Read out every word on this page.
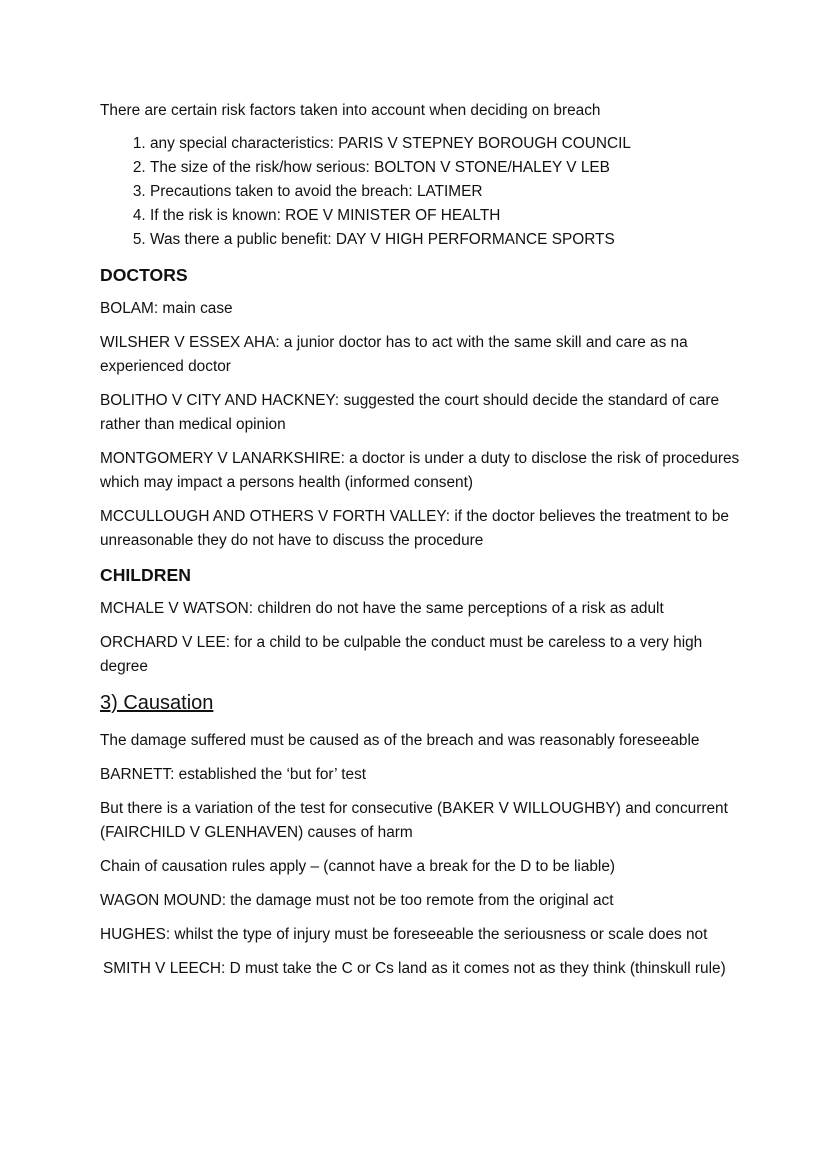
There are certain risk factors taken into account when deciding on breach

1. any special characteristics: PARIS V STEPNEY BOROUGH COUNCIL
2. The size of the risk/how serious: BOLTON V STONE/HALEY V LEB
3. Precautions taken to avoid the breach: LATIMER
4. If the risk is known: ROE V MINISTER OF HEALTH
5. Was there a public benefit: DAY V HIGH PERFORMANCE SPORTS
DOCTORS

BOLAM: main case

WILSHER V ESSEX AHA: a junior doctor has to act with the same skill and care as na experienced doctor

BOLITHO V CITY AND HACKNEY: suggested the court should decide the standard of care rather than medical opinion

MONTGOMERY V LANARKSHIRE: a doctor is under a duty to disclose the risk of procedures which may impact a persons health (informed consent)

MCCULLOUGH AND OTHERS V FORTH VALLEY: if the doctor believes the treatment to be unreasonable they do not have to discuss the procedure

CHILDREN

MCHALE V WATSON: children do not have the same perceptions of a risk as adult

ORCHARD V LEE: for a child to be culpable the conduct must be careless to a very high degree

3) Causation

The damage suffered must be caused as of the breach and was reasonably foreseeable

BARNETT: established the ‘but for’ test

But there is a variation of the test for consecutive (BAKER V WILLOUGHBY) and concurrent (FAIRCHILD V GLENHAVEN) causes of harm

Chain of causation rules apply – (cannot have a break for the D to be liable)

WAGON MOUND: the damage must not be too remote from the original act

HUGHES: whilst the type of injury must be foreseeable the seriousness or scale does not

SMITH V LEECH: D must take the C or Cs land as it comes not as they think (thinskull rule)
